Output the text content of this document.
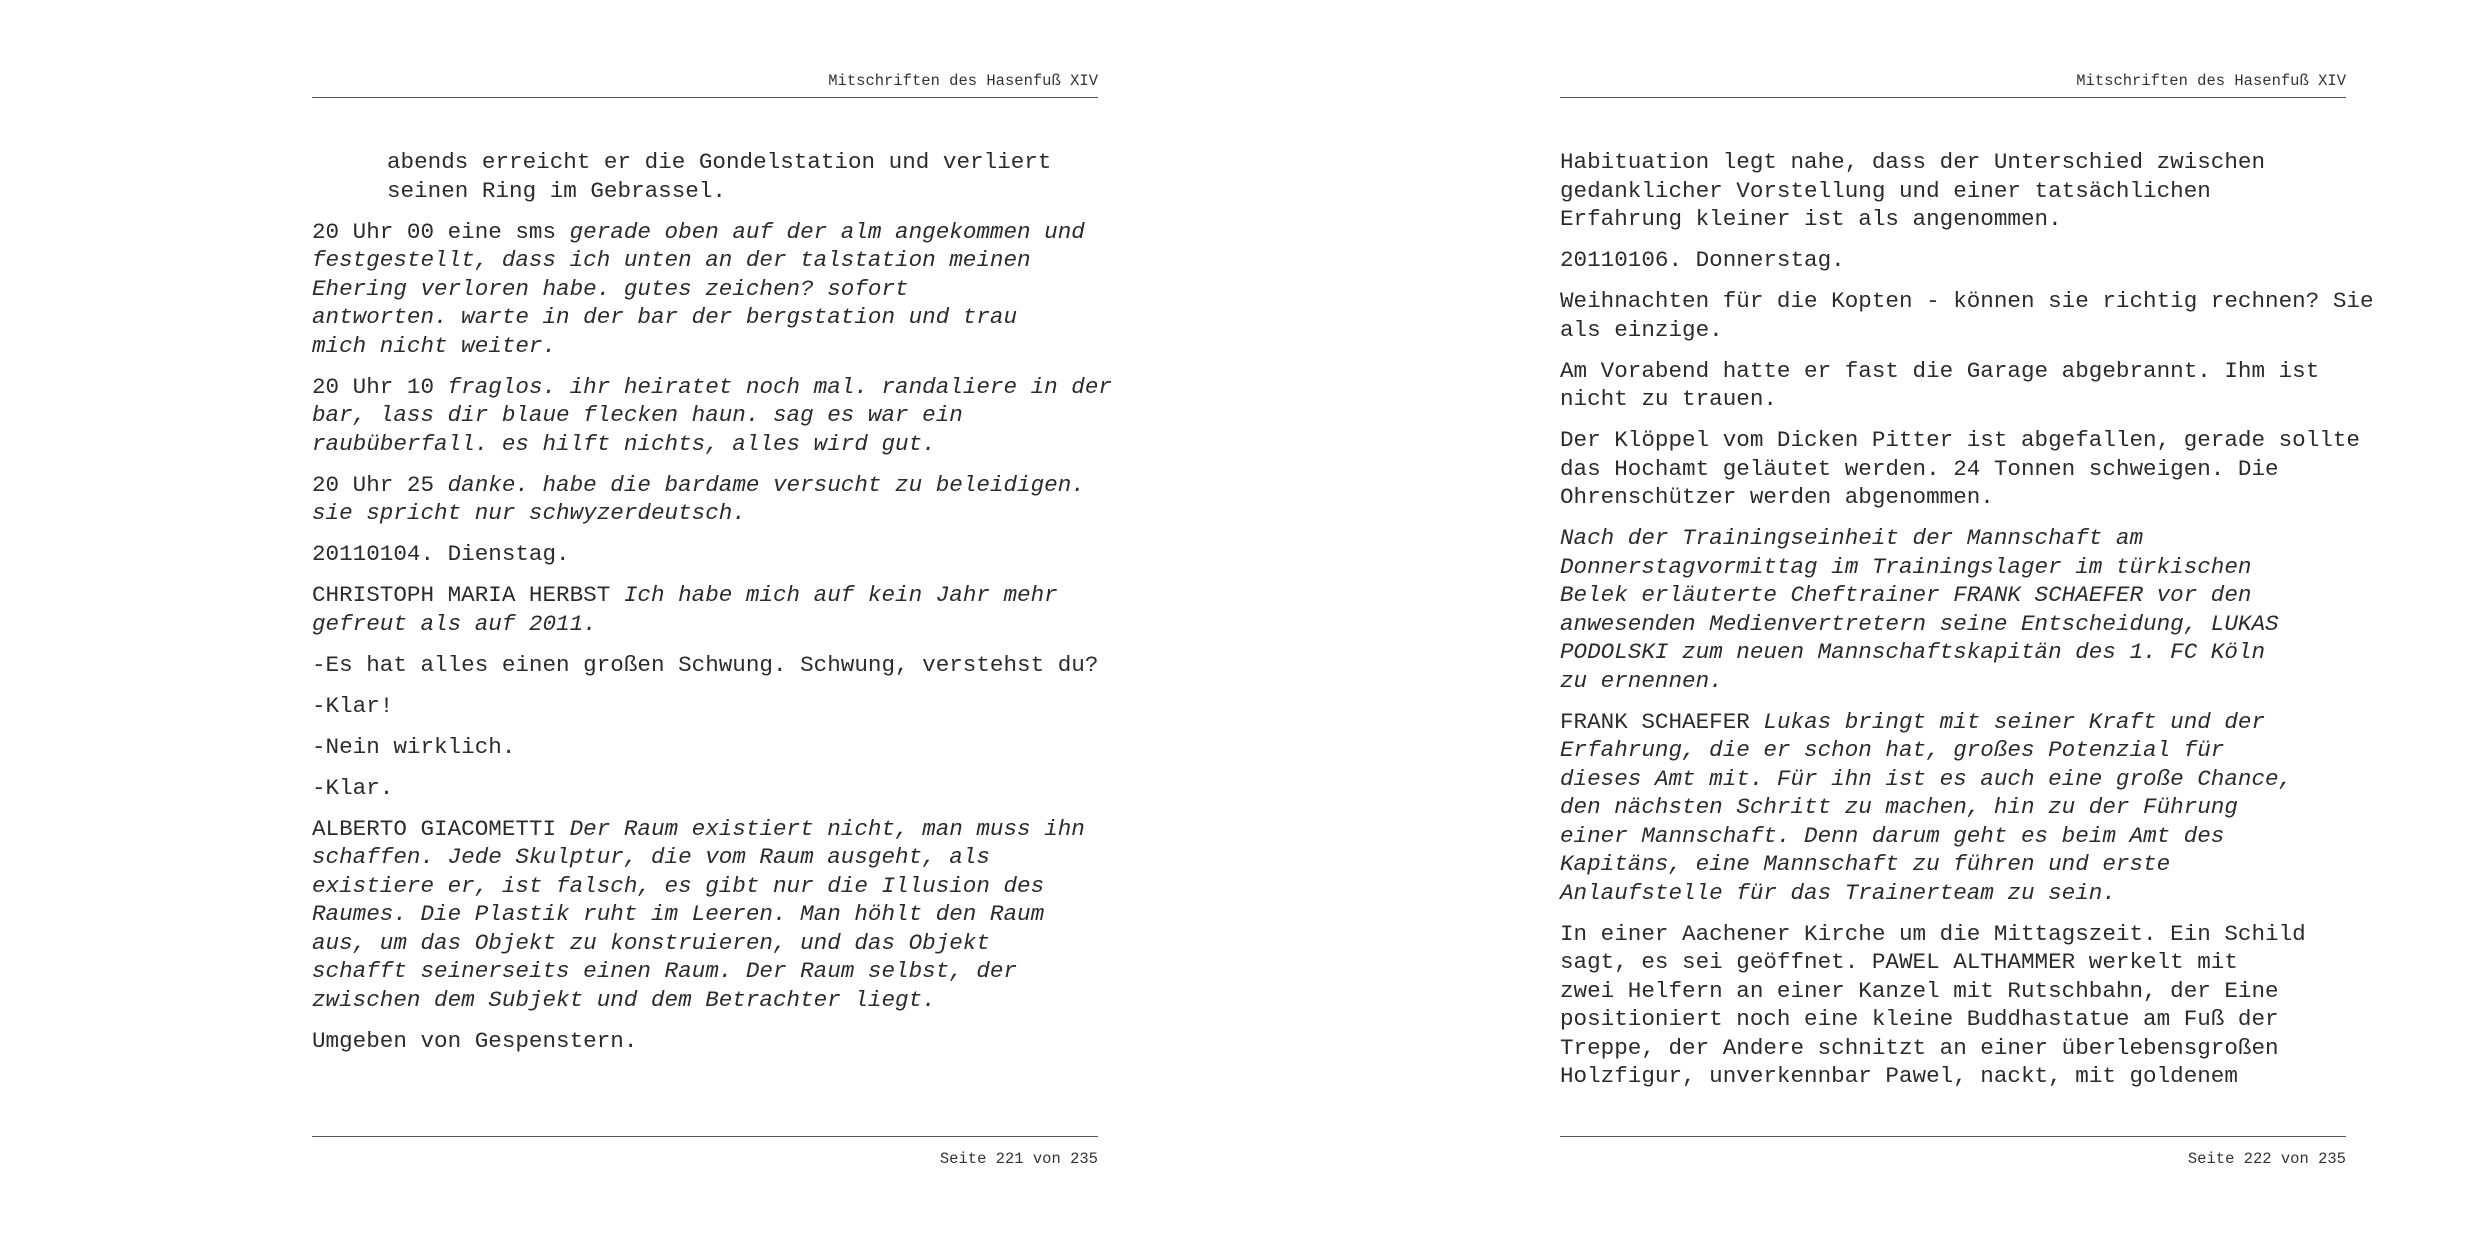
Mitschriften des Hasenfuß XIV

abends erreicht er die Gondelstation und verliert
seinen Ring im Gebrassel.

20 Uhr 00 eine sms gerade oben auf der alm angekommen und
festgestellt, dass ich unten an der talstation meinen
Ehering verloren habe. gutes zeichen? sofort
antworten. warte in der bar der bergstation und trau
mich nicht weiter.

20 Uhr 10 fraglos. ihr heiratet noch mal. randaliere in der
bar, lass dir blaue flecken haun. sag es war ein
raubüberfall. es hilft nichts, alles wird gut.

20 Uhr 25 danke. habe die bardame versucht zu beleidigen.
sie spricht nur schwyzerdeutsch.

20110104. Dienstag.

CHRISTOPH MARIA HERBST Ich habe mich auf kein Jahr mehr
gefreut als auf 2011.

-Es hat alles einen großen Schwung. Schwung, verstehst du?

-Klar!

-Nein wirklich.

-Klar.

ALBERTO GIACOMETTI Der Raum existiert nicht, man muss ihn
schaffen. Jede Skulptur, die vom Raum ausgeht, als
existiere er, ist falsch, es gibt nur die Illusion des
Raumes. Die Plastik ruht im Leeren. Man höhlt den Raum
aus, um das Objekt zu konstruieren, und das Objekt
schafft seinerseits einen Raum. Der Raum selbst, der
zwischen dem Subjekt und dem Betrachter liegt.

Umgeben von Gespenstern.

Seite 221 von 235
Mitschriften des Hasenfuß XIV

Habituation legt nahe, dass der Unterschied zwischen
gedanklicher Vorstellung und einer tatsächlichen
Erfahrung kleiner ist als angenommen.

20110106. Donnerstag.

Weihnachten für die Kopten - können sie richtig rechnen? Sie
als einzige.

Am Vorabend hatte er fast die Garage abgebrannt. Ihm ist
nicht zu trauen.

Der Klöppel vom Dicken Pitter ist abgefallen, gerade sollte
das Hochamt geläutet werden. 24 Tonnen schweigen. Die
Ohrenschützer werden abgenommen.

Nach der Trainingseinheit der Mannschaft am
Donnerstagvormittag im Trainingslager im türkischen
Belek erläuterte Cheftrainer FRANK SCHAEFER vor den
anwesenden Medienvertretern seine Entscheidung, LUKAS
PODOLSKI zum neuen Mannschaftskapitän des 1. FC Köln
zu ernennen.

FRANK SCHAEFER Lukas bringt mit seiner Kraft und der
Erfahrung, die er schon hat, großes Potenzial für
dieses Amt mit. Für ihn ist es auch eine große Chance,
den nächsten Schritt zu machen, hin zu der Führung
einer Mannschaft. Denn darum geht es beim Amt des
Kapitäns, eine Mannschaft zu führen und erste
Anlaufstelle für das Trainerteam zu sein.

In einer Aachener Kirche um die Mittagszeit. Ein Schild
sagt, es sei geöffnet. PAWEL ALTHAMMER werkelt mit
zwei Helfern an einer Kanzel mit Rutschbahn, der Eine
positioniert noch eine kleine Buddhastatue am Fuß der
Treppe, der Andere schnitzt an einer überlebensgroßen
Holzfigur, unverkennbar Pawel, nackt, mit goldenem

Seite 222 von 235
